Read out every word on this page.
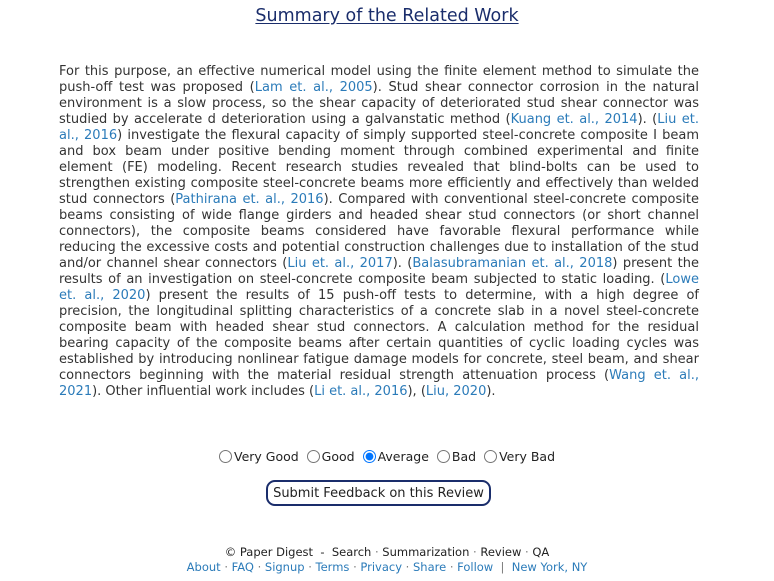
Summary of the Related Work

For this purpose, an effective numerical model using the finite element method to simulate the push-off test was proposed (Lam et. al., 2005). Stud shear connector corrosion in the natural environment is a slow process, so the shear capacity of deteriorated stud shear connector was studied by accelerate d deterioration using a galvanstatic method (Kuang et. al., 2014). (Liu et. al., 2016) investigate the flexural capacity of simply supported steel-concrete composite I beam and box beam under positive bending moment through combined experimental and finite element (FE) modeling. Recent research studies revealed that blind-bolts can be used to strengthen existing composite steel-concrete beams more efficiently and effectively than welded stud connectors (Pathirana et. al., 2016). Compared with conventional steel-concrete composite beams consisting of wide flange girders and headed shear stud connectors (or short channel connectors), the composite beams considered have favorable flexural performance while reducing the excessive costs and potential construction challenges due to installation of the stud and/or channel shear connectors (Liu et. al., 2017). (Balasubramanian et. al., 2018) present the results of an investigation on steel-concrete composite beam subjected to static loading. (Lowe et. al., 2020) present the results of 15 push-off tests to determine, with a high degree of precision, the longitudinal splitting characteristics of a concrete slab in a novel steel-concrete composite beam with headed shear stud connectors. A calculation method for the residual bearing capacity of the composite beams after certain quantities of cyclic loading cycles was established by introducing nonlinear fatigue damage models for concrete, steel beam, and shear connectors beginning with the material residual strength attenuation process (Wang et. al., 2021). Other influential work includes (Li et. al., 2016), (Liu, 2020).

Very Good Good Average Bad Very Bad
Submit Feedback on this Review
© Paper Digest - Search · Summarization · Review · QA
About · FAQ · Signup · Terms · Privacy · Share · Follow | New York, NY
